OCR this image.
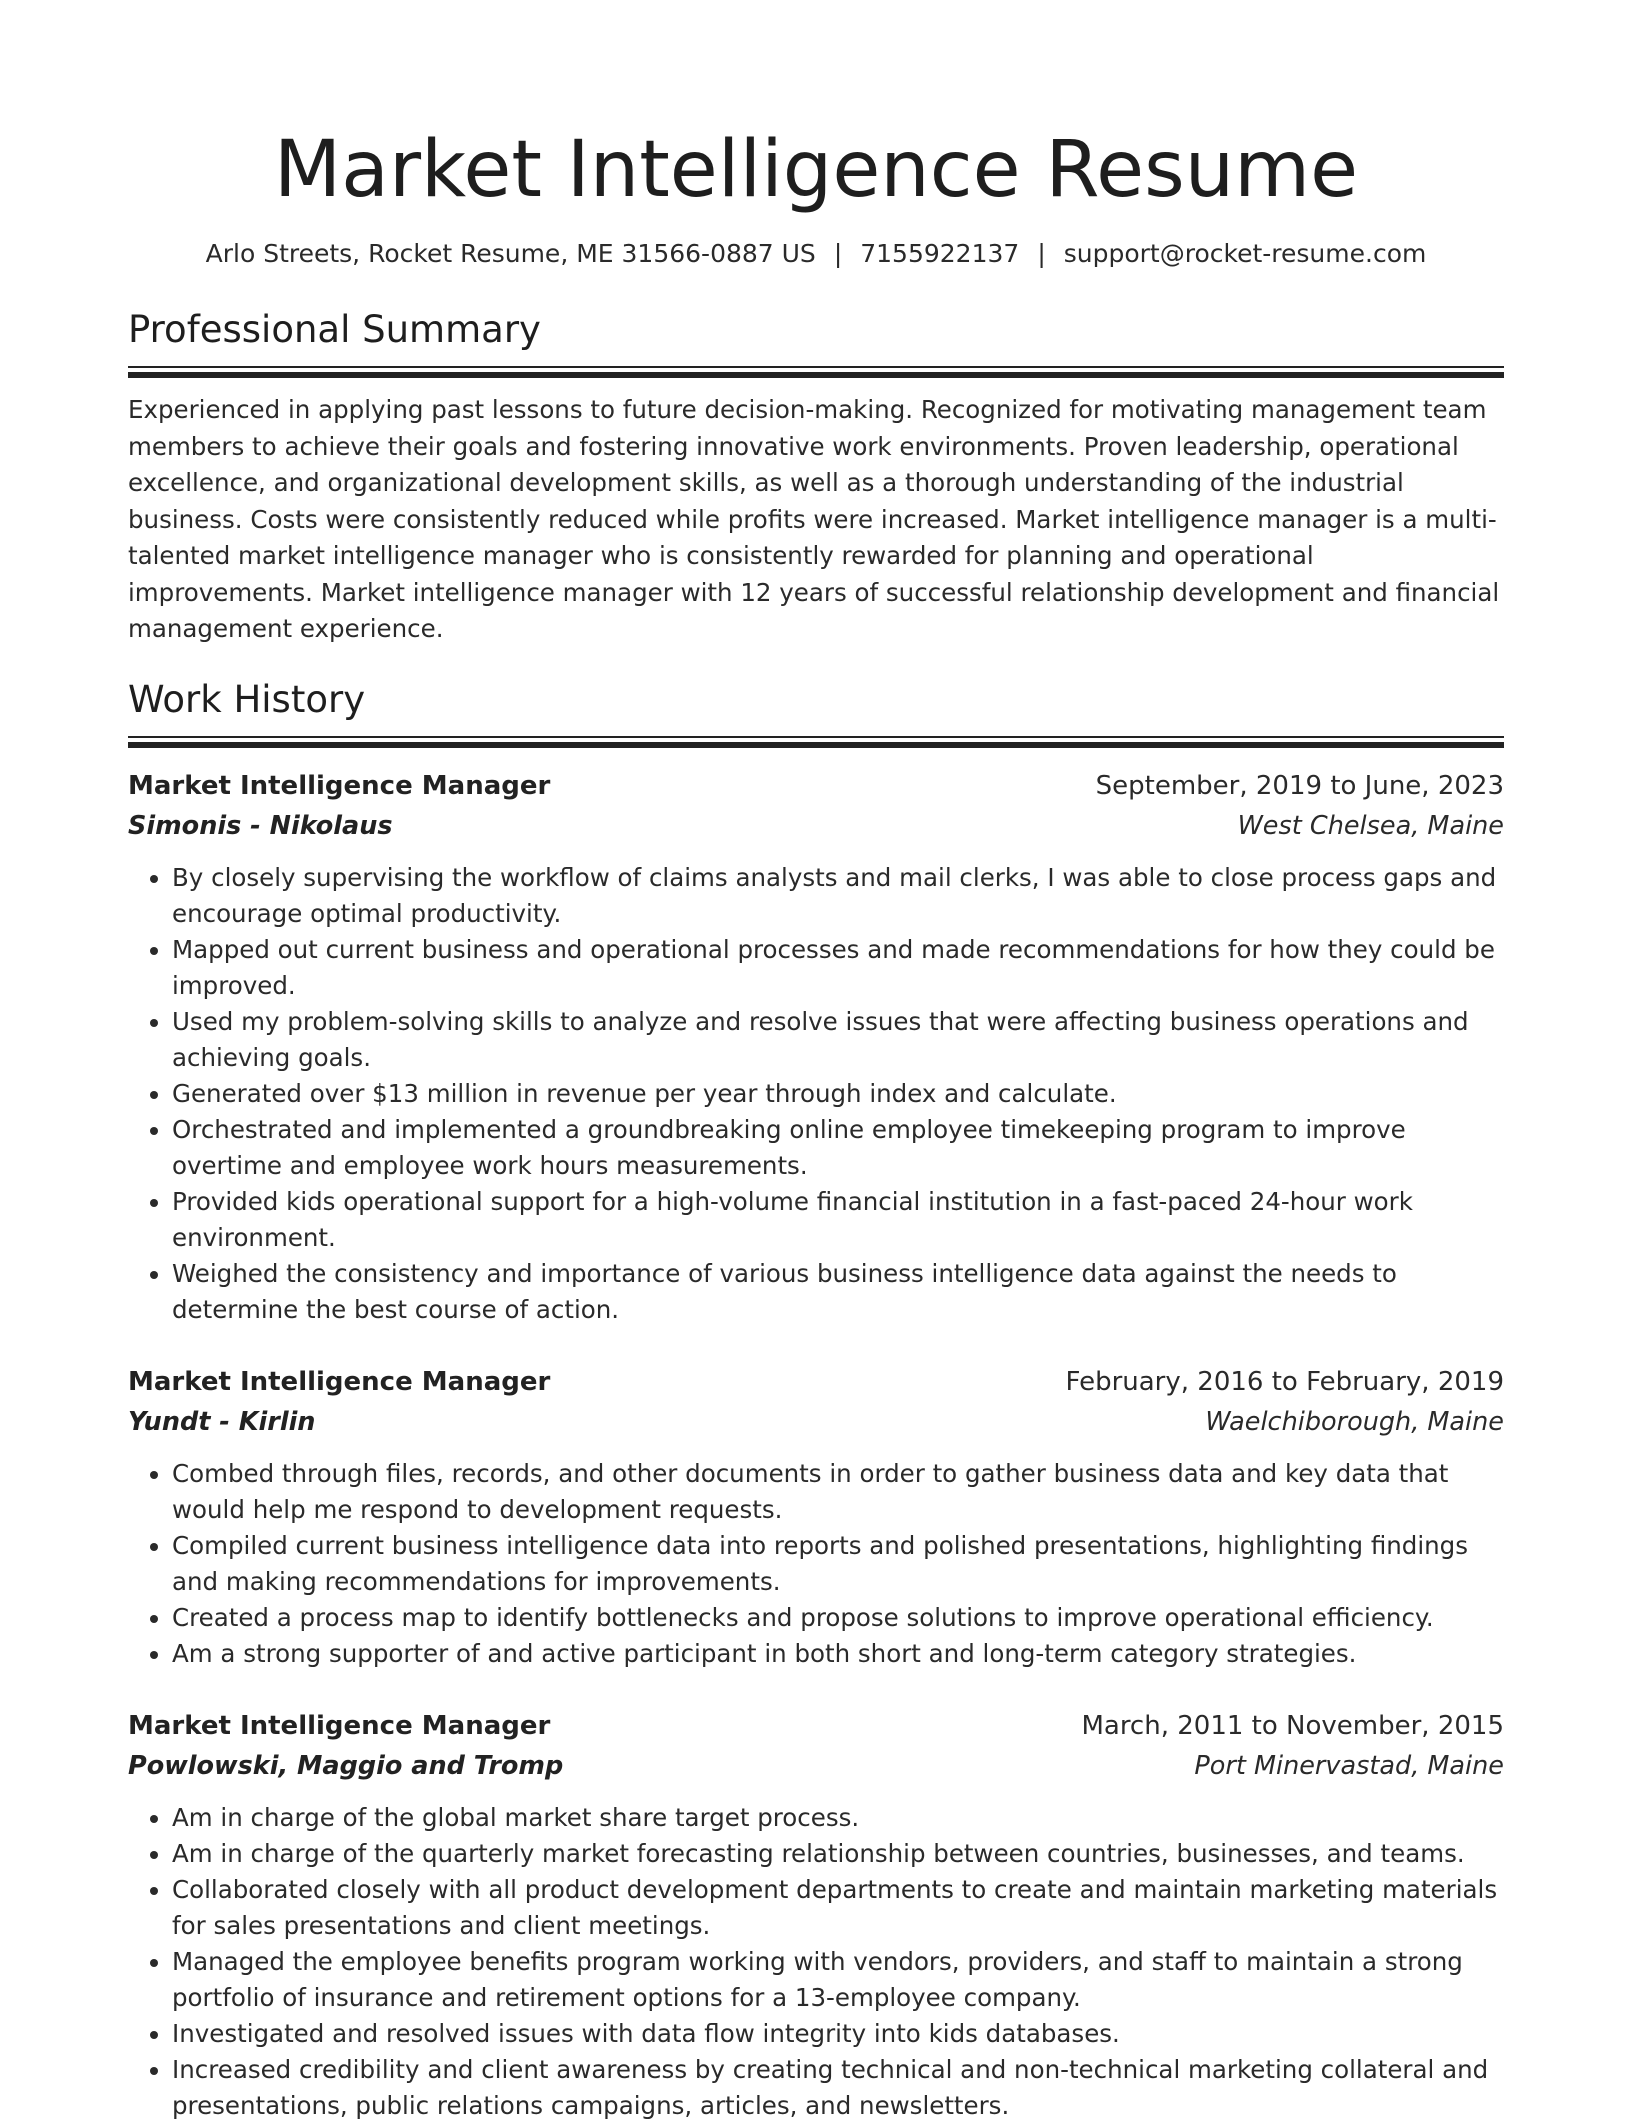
Market Intelligence Resume
Arlo Streets, Rocket Resume, ME 31566-0887 US | 7155922137 | support@rocket-resume.com
Professional Summary
Experienced in applying past lessons to future decision-making. Recognized for motivating management team members to achieve their goals and fostering innovative work environments. Proven leadership, operational excellence, and organizational development skills, as well as a thorough understanding of the industrial business. Costs were consistently reduced while profits were increased. Market intelligence manager is a multi-talented market intelligence manager who is consistently rewarded for planning and operational improvements. Market intelligence manager with 12 years of successful relationship development and financial management experience.
Work History
Market Intelligence Manager	September, 2019 to June, 2023
Simonis - Nikolaus	West Chelsea, Maine
• By closely supervising the workflow of claims analysts and mail clerks, I was able to close process gaps and encourage optimal productivity.
• Mapped out current business and operational processes and made recommendations for how they could be improved.
• Used my problem-solving skills to analyze and resolve issues that were affecting business operations and achieving goals.
• Generated over $13 million in revenue per year through index and calculate.
• Orchestrated and implemented a groundbreaking online employee timekeeping program to improve overtime and employee work hours measurements.
• Provided kids operational support for a high-volume financial institution in a fast-paced 24-hour work environment.
• Weighed the consistency and importance of various business intelligence data against the needs to determine the best course of action.
Market Intelligence Manager	February, 2016 to February, 2019
Yundt - Kirlin	Waelchiborough, Maine
• Combed through files, records, and other documents in order to gather business data and key data that would help me respond to development requests.
• Compiled current business intelligence data into reports and polished presentations, highlighting findings and making recommendations for improvements.
• Created a process map to identify bottlenecks and propose solutions to improve operational efficiency.
• Am a strong supporter of and active participant in both short and long-term category strategies.
Market Intelligence Manager	March, 2011 to November, 2015
Powlowski, Maggio and Tromp	Port Minervastad, Maine
• Am in charge of the global market share target process.
• Am in charge of the quarterly market forecasting relationship between countries, businesses, and teams.
• Collaborated closely with all product development departments to create and maintain marketing materials for sales presentations and client meetings.
• Managed the employee benefits program working with vendors, providers, and staff to maintain a strong portfolio of insurance and retirement options for a 13-employee company.
• Investigated and resolved issues with data flow integrity into kids databases.
• Increased credibility and client awareness by creating technical and non-technical marketing collateral and presentations, public relations campaigns, articles, and newsletters.
